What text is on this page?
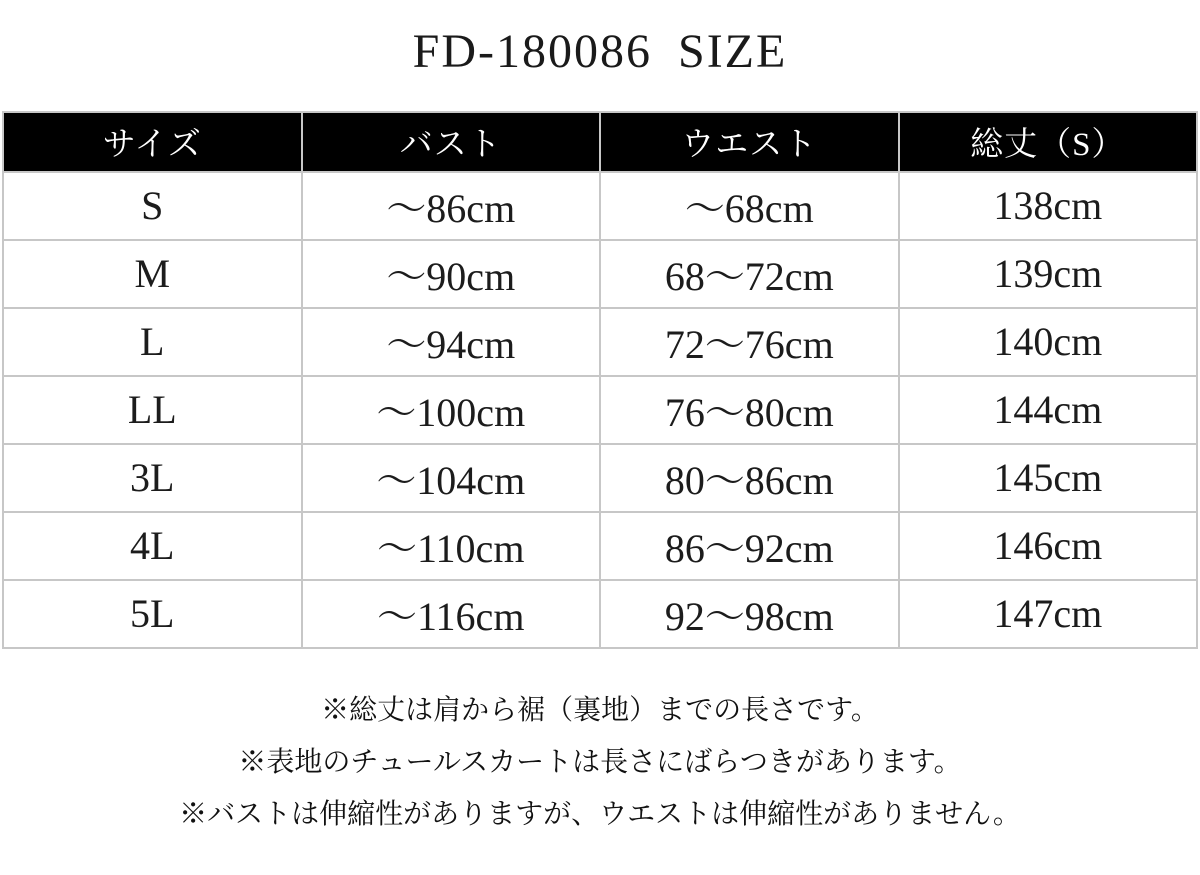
FD-180086 SIZE
サイズ	バスト	ウエスト	総丈（S）
S	～86cm	～68cm	138cm
M	～90cm	68～72cm	139cm
L	～94cm	72～76cm	140cm
LL	～100cm	76～80cm	144cm
3L	～104cm	80～86cm	145cm
4L	～110cm	86～92cm	146cm
5L	～116cm	92～98cm	147cm
※総丈は肩から裾（裏地）までの長さです。
※表地のチュールスカートは長さにばらつきがあります。
※バストは伸縮性がありますが、ウエストは伸縮性がありません。
